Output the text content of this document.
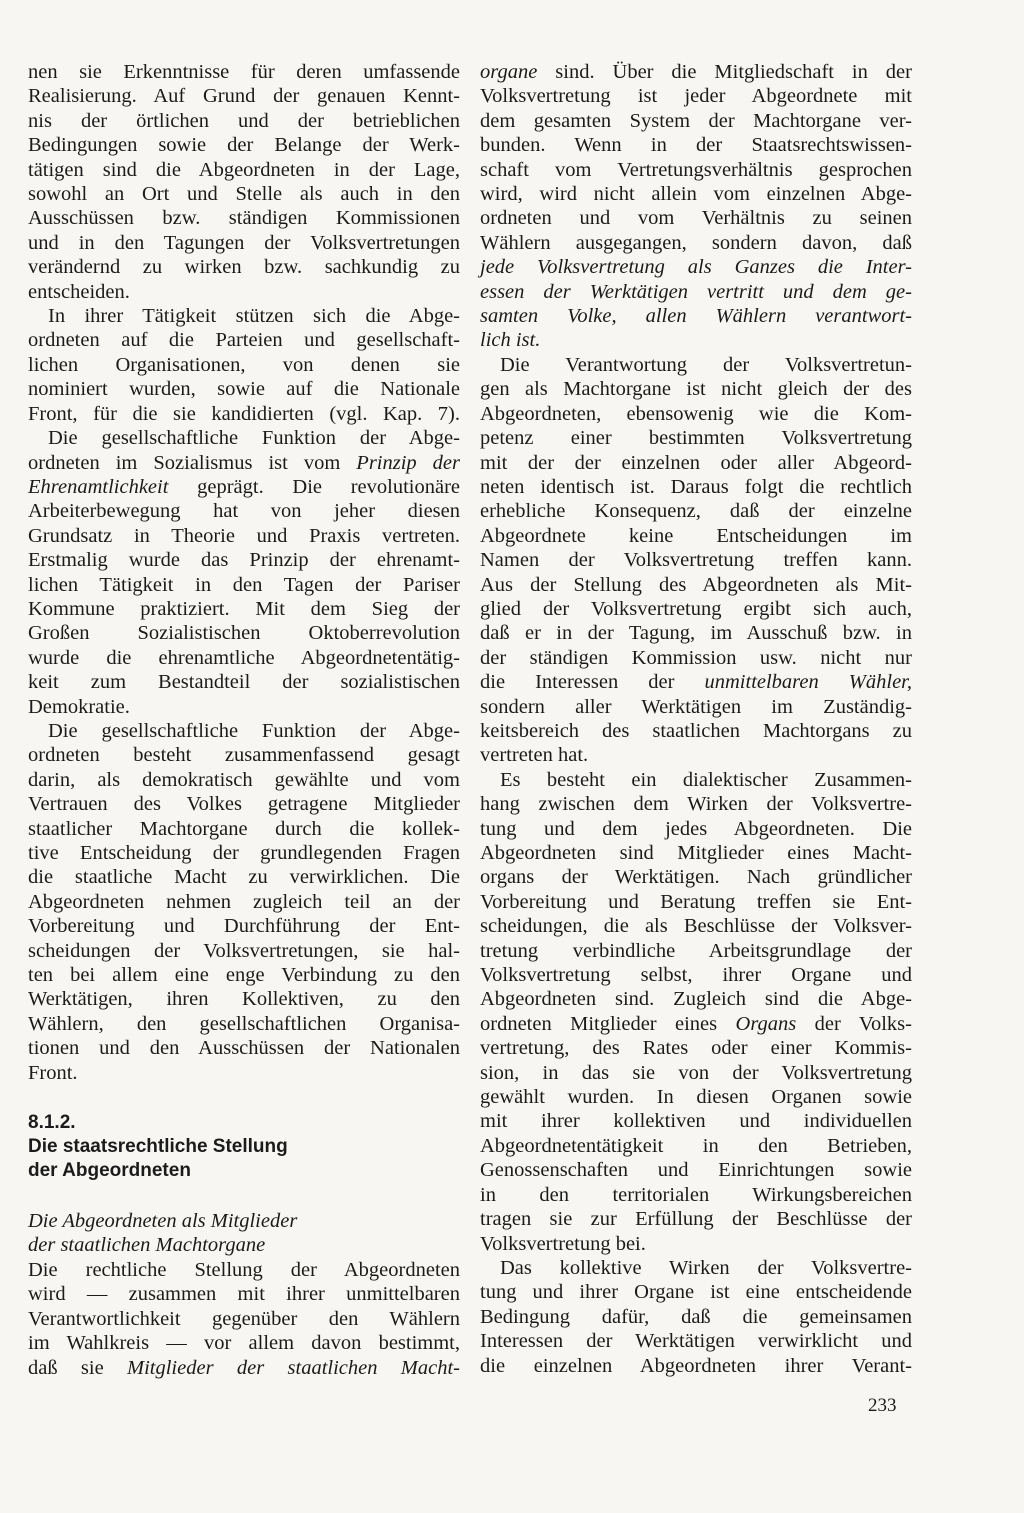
nen sie Erkenntnisse für deren umfassende
Realisierung. Auf Grund der genauen Kennt-
nis der örtlichen und der betrieblichen
Bedingungen sowie der Belange der Werk-
tätigen sind die Abgeordneten in der Lage,
sowohl an Ort und Stelle als auch in den
Ausschüssen bzw. ständigen Kommissionen
und in den Tagungen der Volksvertretungen
verändernd zu wirken bzw. sachkundig zu
entscheiden.
In ihrer Tätigkeit stützen sich die Abge-
ordneten auf die Parteien und gesellschaft-
lichen Organisationen, von denen sie
nominiert wurden, sowie auf die Nationale
Front, für die sie kandidierten (vgl. Kap. 7).
Die gesellschaftliche Funktion der Abge-
ordneten im Sozialismus ist vom Prinzip der
Ehrenamtlichkeit geprägt. Die revolutionäre
Arbeiterbewegung hat von jeher diesen
Grundsatz in Theorie und Praxis vertreten.
Erstmalig wurde das Prinzip der ehrenamt-
lichen Tätigkeit in den Tagen der Pariser
Kommune praktiziert. Mit dem Sieg der
Großen Sozialistischen Oktoberrevolution
wurde die ehrenamtliche Abgeordnetentätig-
keit zum Bestandteil der sozialistischen
Demokratie.
Die gesellschaftliche Funktion der Abge-
ordneten besteht zusammenfassend gesagt
darin, als demokratisch gewählte und vom
Vertrauen des Volkes getragene Mitglieder
staatlicher Machtorgane durch die kollek-
tive Entscheidung der grundlegenden Fragen
die staatliche Macht zu verwirklichen. Die
Abgeordneten nehmen zugleich teil an der
Vorbereitung und Durchführung der Ent-
scheidungen der Volksvertretungen, sie hal-
ten bei allem eine enge Verbindung zu den
Werktätigen, ihren Kollektiven, zu den
Wählern, den gesellschaftlichen Organisa-
tionen und den Ausschüssen der Nationalen
Front.
8.1.2.
Die staatsrechtliche Stellung
der Abgeordneten
Die Abgeordneten als Mitglieder
der staatlichen Machtorgane
Die rechtliche Stellung der Abgeordneten
wird — zusammen mit ihrer unmittelbaren
Verantwortlichkeit gegenüber den Wählern
im Wahlkreis — vor allem davon bestimmt,
daß sie Mitglieder der staatlichen Macht-
organe sind. Über die Mitgliedschaft in der
Volksvertretung ist jeder Abgeordnete mit
dem gesamten System der Machtorgane ver-
bunden. Wenn in der Staatsrechtswissen-
schaft vom Vertretungsverhältnis gesprochen
wird, wird nicht allein vom einzelnen Abge-
ordneten und vom Verhältnis zu seinen
Wählern ausgegangen, sondern davon, daß
jede Volksvertretung als Ganzes die Inter-
essen der Werktätigen vertritt und dem ge-
samten Volke, allen Wählern verantwort-
lich ist.
Die Verantwortung der Volksvertretun-
gen als Machtorgane ist nicht gleich der des
Abgeordneten, ebensowenig wie die Kom-
petenz einer bestimmten Volksvertretung
mit der der einzelnen oder aller Abgeord-
neten identisch ist. Daraus folgt die rechtlich
erhebliche Konsequenz, daß der einzelne
Abgeordnete keine Entscheidungen im
Namen der Volksvertretung treffen kann.
Aus der Stellung des Abgeordneten als Mit-
glied der Volksvertretung ergibt sich auch,
daß er in der Tagung, im Ausschuß bzw. in
der ständigen Kommission usw. nicht nur
die Interessen der unmittelbaren Wähler,
sondern aller Werktätigen im Zuständig-
keitsbereich des staatlichen Machtorgans zu
vertreten hat.
Es besteht ein dialektischer Zusammen-
hang zwischen dem Wirken der Volksvertre-
tung und dem jedes Abgeordneten. Die
Abgeordneten sind Mitglieder eines Macht-
organs der Werktätigen. Nach gründlicher
Vorbereitung und Beratung treffen sie Ent-
scheidungen, die als Beschlüsse der Volksver-
tretung verbindliche Arbeitsgrundlage der
Volksvertretung selbst, ihrer Organe und
Abgeordneten sind. Zugleich sind die Abge-
ordneten Mitglieder eines Organs der Volks-
vertretung, des Rates oder einer Kommis-
sion, in das sie von der Volksvertretung
gewählt wurden. In diesen Organen sowie
mit ihrer kollektiven und individuellen
Abgeordnetentätigkeit in den Betrieben,
Genossenschaften und Einrichtungen sowie
in den territorialen Wirkungsbereichen
tragen sie zur Erfüllung der Beschlüsse der
Volksvertretung bei.
Das kollektive Wirken der Volksvertre-
tung und ihrer Organe ist eine entscheidende
Bedingung dafür, daß die gemeinsamen
Interessen der Werktätigen verwirklicht und
die einzelnen Abgeordneten ihrer Verant-
233
